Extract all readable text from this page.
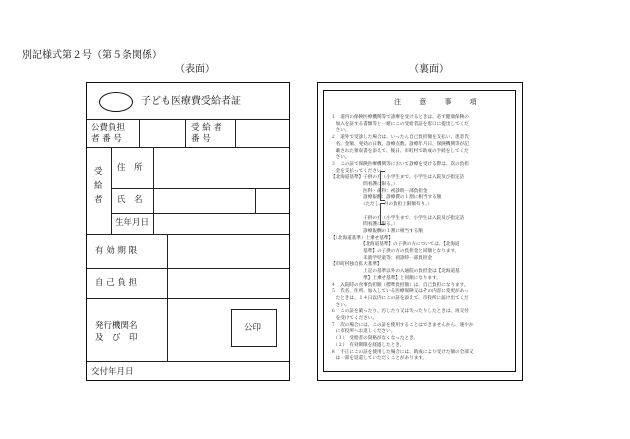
別記様式第２号（第５条関係）
（表面）	（裏面）
子ども医療費受給者証
公費負担
者 番 号
受 給 者
番 号
受
給
者
住　所
氏　名
生年月日
有 効 期 限
自 己 負 担
発行機関名
及　び　印
公印
交付年月日
注 意 事 項
１　道内の保険医療機関等で診療を受けるときは、必ず健康保険の
　加入を証する書類等と一緒にこの受給者証を窓口に提出してくだ
　さい。
２　道外で受診した場合は、いったん自己負担額を支払い、患者氏
　名、金額、発効の日数、診療点数、診療年月日、保険機関等が記
　載された領収書を添えて、後日、市町村で助成の手続をしてくだ
　さい。
３　この証で保険医療機関等において診療を受ける際は、次の負担
　金を支払ってください。
【北海道基準】子供の方（小学生まで、小学生は入院及び指定訪
　　　　　　　問看護に限る。）
　　　　　　　医科・歯科：初診時一部負担金
　　　　　　　診療報酬：診療費の１割に相当する額
　　　　　　　（ただし、月の負担上限額有り。）
　　　　　　　子供の方（小学生まで、小学生は入院及び指定訪
　　　　　　　問看護に限る。）
　　　　　　　診療報酬の１割に相当する額
【（北海道基準）上乗せ基準】
　　　　　　　【北海道基準】の子供の方については、【北海道
　　　　　　　基準】の子供の方の負担金と同額となります。
　　　　　　　未就学児童等：初診時一部負担金
【市町村独自拡大基準】
　　　　　　　上記の基準以外の入通院の負担金は【北海道基
　　　　　　　準】上乗せ基準】と同額になります。
４　入院時の食事負担額（標準負担額）は、自己負担になります。
５　氏名、住所、加入している医療保険又はその内容に変更があっ
　たときは、１４日以内にこの証を添えて、市役所に届け出てくだ
　さい。
６　この証を破ったり、汚したり又は失ったりしたときは、再交付
　を受けてください。
７　次の場合には、この証を使用することはできませんから、速やか
　に市役所へお返しください。
　（１）　受給者の資格がなくなったとき。
　（２）　有効期限を経過したとき。
８　不正にこの証を使用した場合には、助成により受けた額の全部又
　は一部を返還していただくことがあります。
